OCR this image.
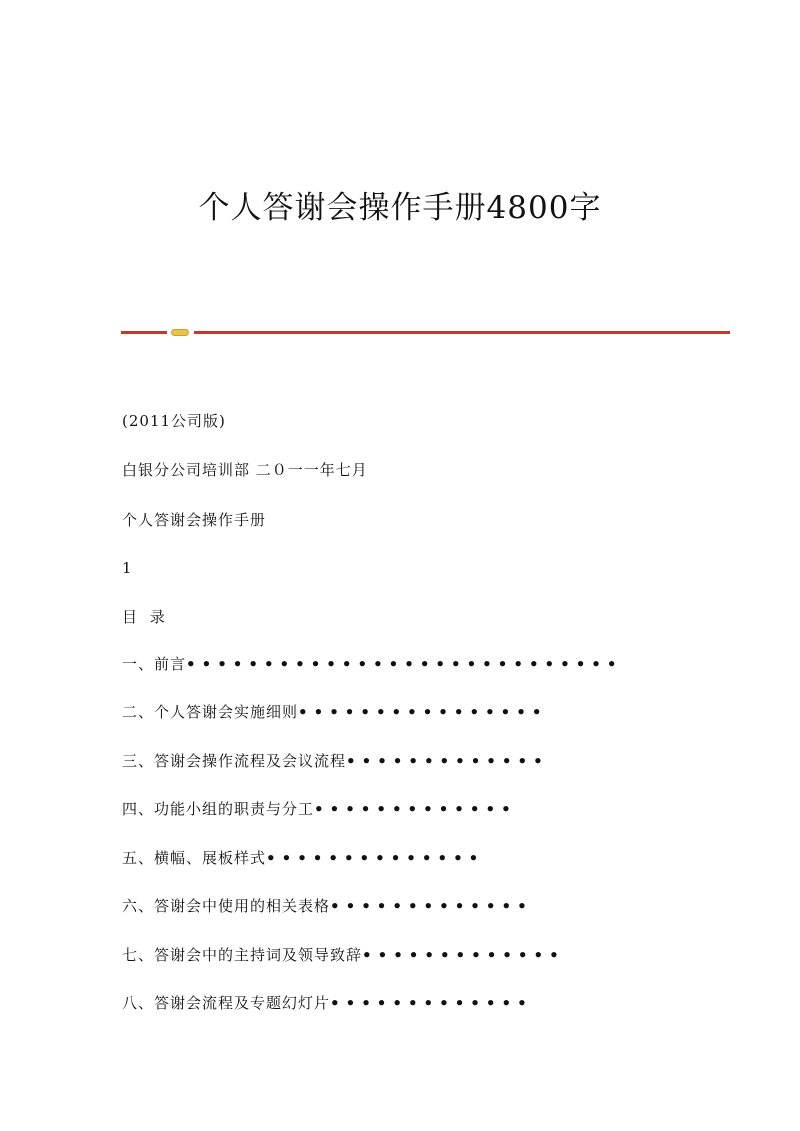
个人答谢会操作手册4800字
(2011公司版)
白银分公司培训部 二０一一年七月
个人答谢会操作手册
1
目 录
一、前言••••••••••••••••••••••••••••
二、个人答谢会实施细则••••••••••••••••
三、答谢会操作流程及会议流程•••••••••••••
四、功能小组的职责与分工•••••••••••••
五、横幅、展板样式••••••••••••••
六、答谢会中使用的相关表格•••••••••••••
七、答谢会中的主持词及领导致辞•••••••••••••
八、答谢会流程及专题幻灯片•••••••••••••
